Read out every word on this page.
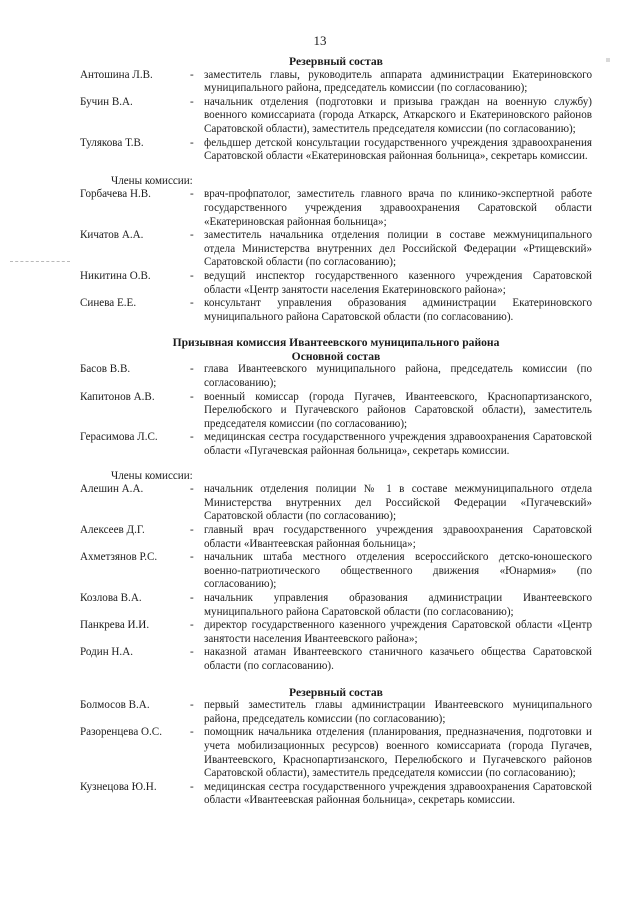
13
Резервный состав
Антошина Л.В.	- заместитель главы, руководитель аппарата администрации Екатериновского муниципального района, председатель комиссии (по согласованию);
Бучин В.А.	- начальник отделения (подготовки и призыва граждан на военную службу) военного комиссариата (города Аткарск, Аткарского и Екатериновского районов Саратовской области), заместитель председателя комиссии (по согласованию);
Тулякова Т.В.	- фельдшер детской консультации государственного учреждения здравоохранения Саратовской области «Екатериновская районная больница», секретарь комиссии.
Члены комиссии:
Горбачева Н.В.	- врач-профпатолог, заместитель главного врача по клинико-экспертной работе государственного учреждения здравоохранения Саратовской области «Екатериновская районная больница»;
Кичатов А.А.	- заместитель начальника отделения полиции в составе межмуниципального отдела Министерства внутренних дел Российской Федерации «Ртищевский» Саратовской области (по согласованию);
Никитина О.В.	- ведущий инспектор государственного казенного учреждения Саратовской области «Центр занятости населения Екатериновского района»;
Синева Е.Е.	- консультант управления образования администрации Екатериновского муниципального района Саратовской области (по согласованию).
Призывная комиссия Ивантеевского муниципального района
Основной состав
Басов В.В.	- глава Ивантеевского муниципального района, председатель комиссии (по согласованию);
Капитонов А.В.	- военный комиссар (города Пугачев, Ивантеевского, Краснопартизанского, Перелюбского и Пугачевского районов Саратовской области), заместитель председателя комиссии (по согласованию);
Герасимова Л.С.	- медицинская сестра государственного учреждения здравоохранения Саратовской области «Пугачевская районная больница», секретарь комиссии.
Члены комиссии:
Алешин А.А.	- начальник отделения полиции № 1 в составе межмуниципального отдела Министерства внутренних дел Российской Федерации «Пугачевский» Саратовской области (по согласованию);
Алексеев Д.Г.	- главный врач государственного учреждения здравоохранения Саратовской области «Ивантеевская районная больница»;
Ахметзянов Р.С.	- начальник штаба местного отделения всероссийского детско-юношеского военно-патриотического общественного движения «Юнармия» (по согласованию);
Козлова В.А.	- начальник управления образования администрации Ивантеевского муниципального района Саратовской области (по согласованию);
Панкрева И.И.	- директор государственного казенного учреждения Саратовской области «Центр занятости населения Ивантеевского района»;
Родин Н.А.	- наказной атаман Ивантеевского станичного казачьего общества Саратовской области (по согласованию).
Резервный состав
Болмосов В.А.	- первый заместитель главы администрации Ивантеевского муниципального района, председатель комиссии (по согласованию);
Разоренцева О.С.	- помощник начальника отделения (планирования, предназначения, подготовки и учета мобилизационных ресурсов) военного комиссариата (города Пугачев, Ивантеевского, Краснопартизанского, Перелюбского и Пугачевского районов Саратовской области), заместитель председателя комиссии (по согласованию);
Кузнецова Ю.Н.	- медицинская сестра государственного учреждения здравоохранения Саратовской области «Ивантеевская районная больница», секретарь комиссии.
